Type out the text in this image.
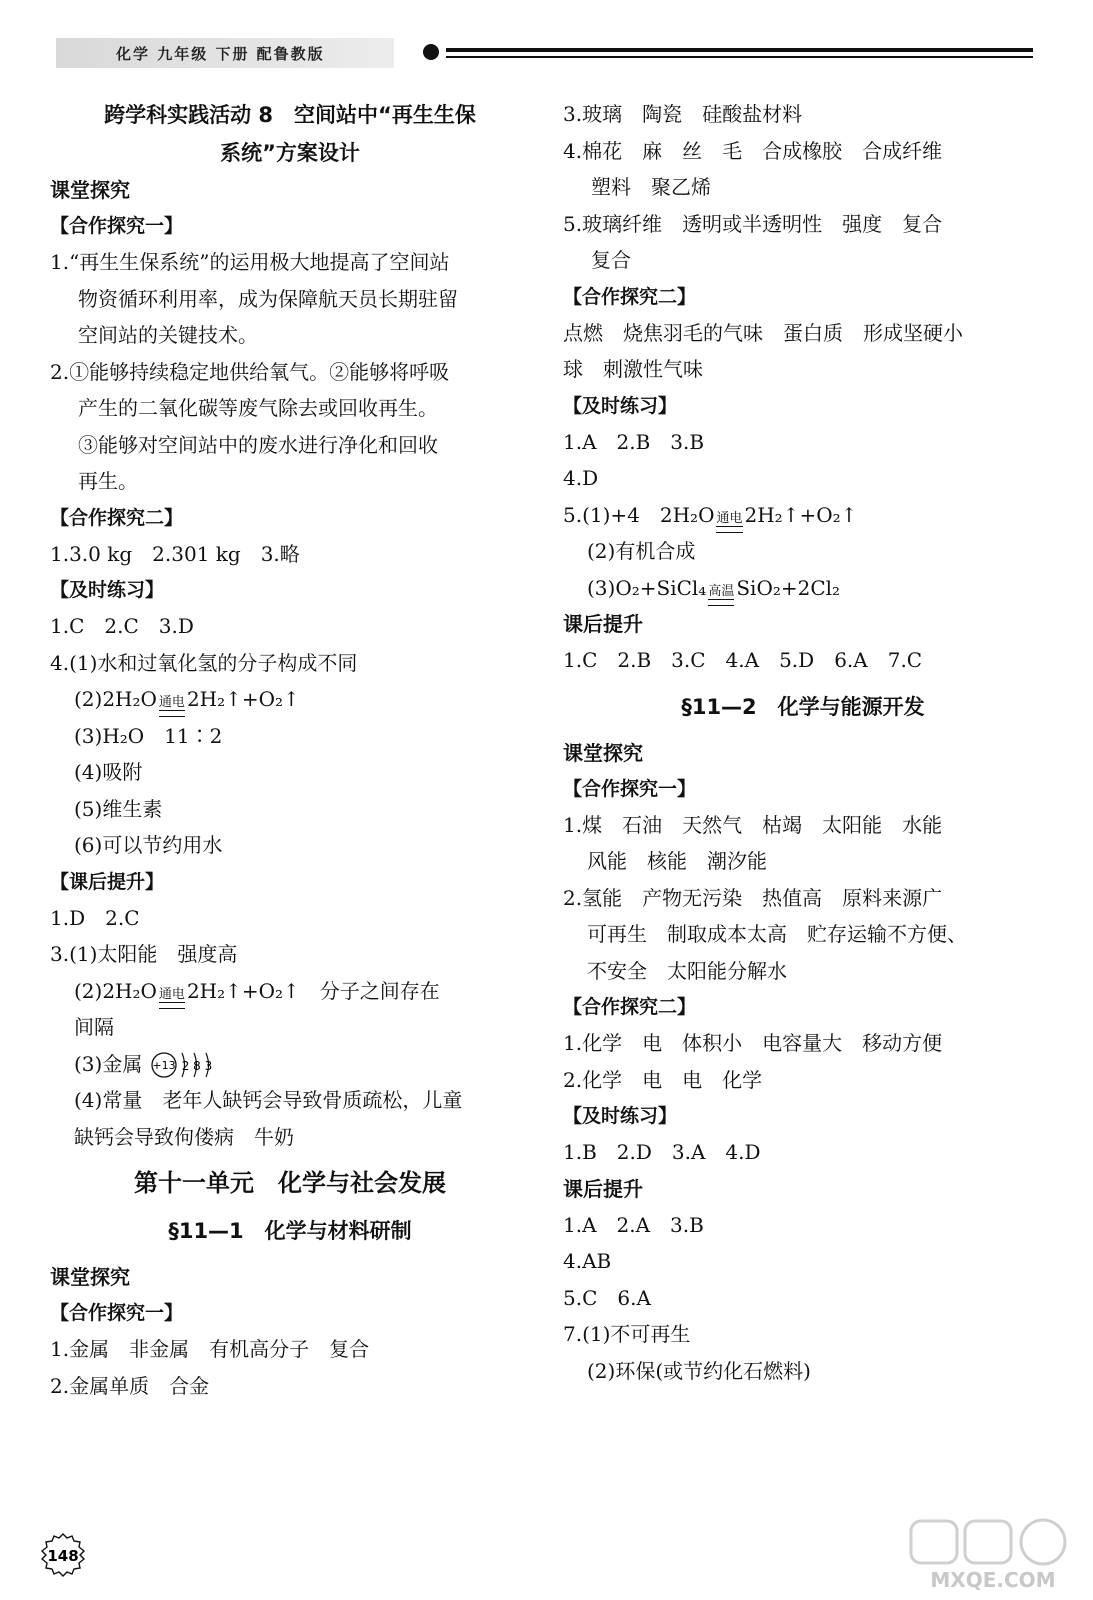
化学 九年级 下册 配鲁教版
跨学科实践活动 8　空间站中“再生生保
系统”方案设计
课堂探究
【合作探究一】
1.“再生生保系统”的运用极大地提高了空间站
物资循环利用率，成为保障航天员长期驻留
空间站的关键技术。
2.①能够持续稳定地供给氧气。②能够将呼吸
产生的二氧化碳等废气除去或回收再生。
③能够对空间站中的废水进行净化和回收
再生。
【合作探究二】
1.3.0 kg　2.301 kg　3.略
【及时练习】
1.C　2.C　3.D
4.(1)水和过氧化氢的分子构成不同
(2)2H₂O 通电 2H₂↑+O₂↑
(3)H₂O　11∶2
(4)吸附
(5)维生素
(6)可以节约用水
【课后提升】
1.D　2.C
3.(1)太阳能　强度高
(2)2H₂O 通电 2H₂↑+O₂↑　分子之间存在
间隔
(3)金属 +13 2 8 3
(4)常量　老年人缺钙会导致骨质疏松，儿童
缺钙会导致佝偻病　牛奶
第十一单元　化学与社会发展
§11—1　化学与材料研制
课堂探究
【合作探究一】
1.金属　非金属　有机高分子　复合
2.金属单质　合金
3.玻璃　陶瓷　硅酸盐材料
4.棉花　麻　丝　毛　合成橡胶　合成纤维
塑料　聚乙烯
5.玻璃纤维　透明或半透明性　强度　复合
复合
【合作探究二】
点燃　烧焦羽毛的气味　蛋白质　形成坚硬小
球　刺激性气味
【及时练习】
1.A　2.B　3.B
4.D
5.(1)+4　2H₂O 通电 2H₂↑+O₂↑
(2)有机合成
(3)O₂+SiCl₄ 高温 SiO₂+2Cl₂
课后提升
1.C　2.B　3.C　4.A　5.D　6.A　7.C
§11—2　化学与能源开发
课堂探究
【合作探究一】
1.煤　石油　天然气　枯竭　太阳能　水能
风能　核能　潮汐能
2.氢能　产物无污染　热值高　原料来源广
可再生　制取成本太高　贮存运输不方便、
不安全　太阳能分解水
【合作探究二】
1.化学　电　体积小　电容量大　移动方便
2.化学　电　电　化学
【及时练习】
1.B　2.D　3.A　4.D
课后提升
1.A　2.A　3.B
4.AB
5.C　6.A
7.(1)不可再生
(2)环保(或节约化石燃料)
148
MXQE.COM
